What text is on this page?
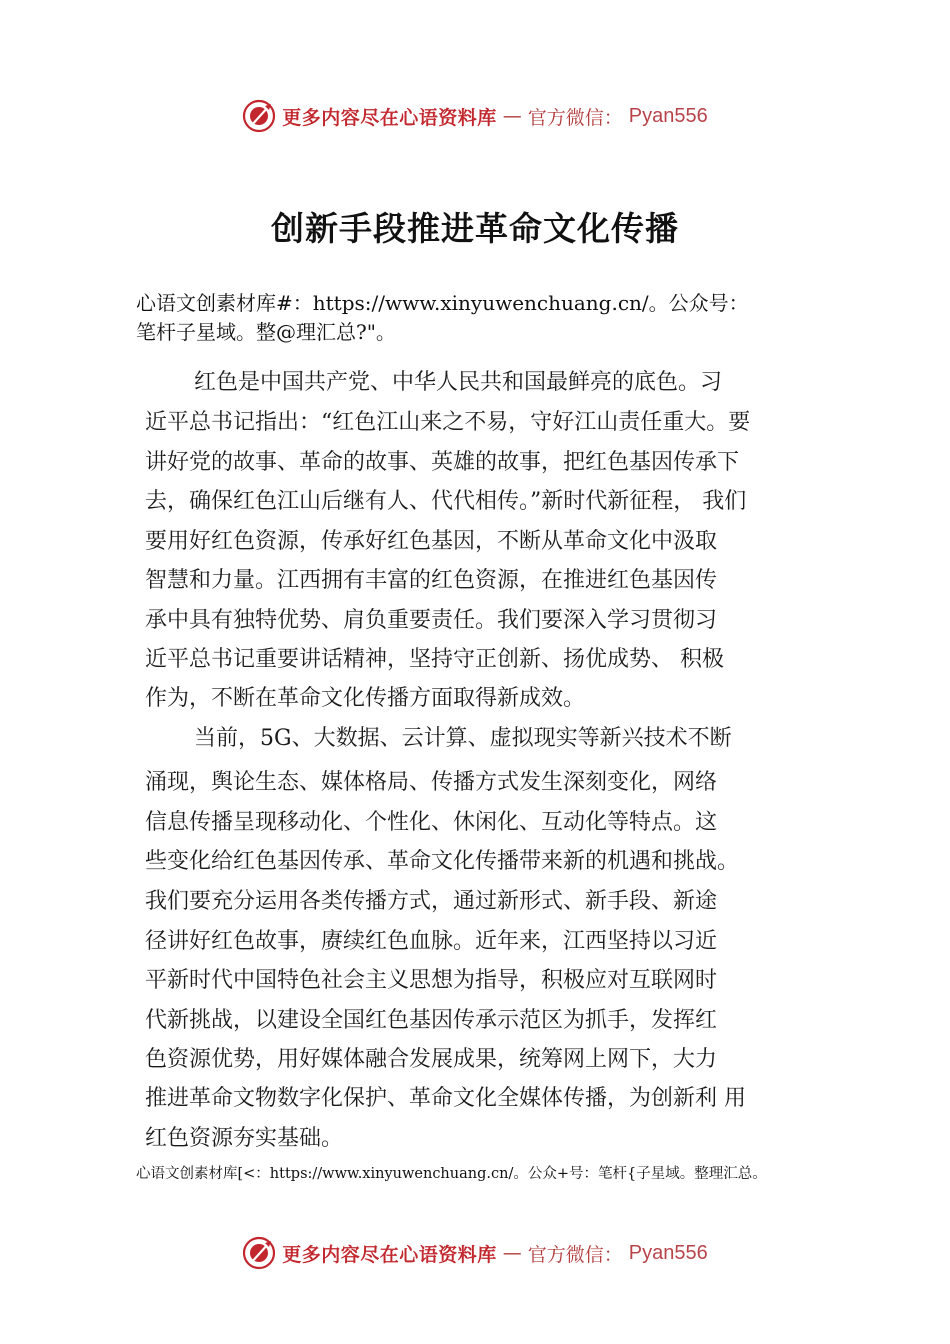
更多内容尽在心语资料库 — 官方微信： Pyan556
创新手段推进革命文化传播
心语文创素材库#：https://www.xinyuwenchuang.cn/。公众号：
笔杆子星域。整@理汇总?"。
红色是中国共产党、中华人民共和国最鲜亮的底色。习
近平总书记指出：“红色江山来之不易，守好江山责任重大。要
讲好党的故事、革命的故事、英雄的故事，把红色基因传承下
去，确保红色江山后继有人、代代相传。”新时代新征程， 我们
要用好红色资源，传承好红色基因，不断从革命文化中汲取
智慧和力量。江西拥有丰富的红色资源，在推进红色基因传
承中具有独特优势、肩负重要责任。我们要深入学习贯彻习
近平总书记重要讲话精神，坚持守正创新、扬优成势、 积极
作为，不断在革命文化传播方面取得新成效。
当前，5G、大数据、云计算、虚拟现实等新兴技术不断
涌现，舆论生态、媒体格局、传播方式发生深刻变化，网络
信息传播呈现移动化、个性化、休闲化、互动化等特点。这
些变化给红色基因传承、革命文化传播带来新的机遇和挑战。
我们要充分运用各类传播方式，通过新形式、新手段、新途
径讲好红色故事，赓续红色血脉。近年来，江西坚持以习近
平新时代中国特色社会主义思想为指导，积极应对互联网时
代新挑战，以建设全国红色基因传承示范区为抓手，发挥红
色资源优势，用好媒体融合发展成果，统筹网上网下，大力
推进革命文物数字化保护、革命文化全媒体传播，为创新利 用
红色资源夯实基础。
心语文创素材库[<：https://www.xinyuwenchuang.cn/。公众+号：笔杆{子星域。整理汇总。
更多内容尽在心语资料库 — 官方微信： Pyan556
